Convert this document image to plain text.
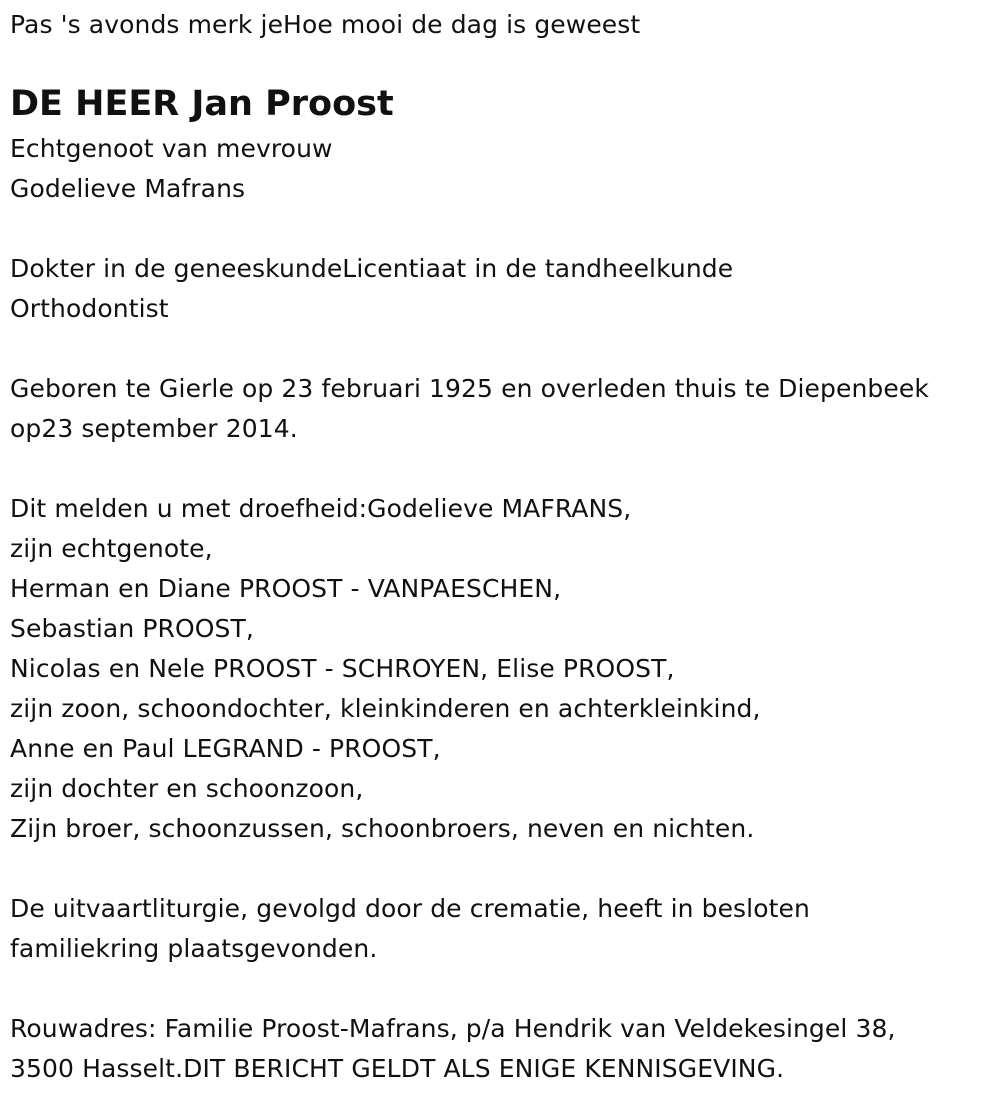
Pas 's avonds merk jeHoe mooi de dag is geweest
DE HEER Jan Proost
Echtgenoot van mevrouw
Godelieve Mafrans
Dokter in de geneeskundeLicentiaat in de tandheelkunde
Orthodontist
Geboren te Gierle op 23 februari 1925 en overleden thuis te Diepenbeek
op23 september 2014.
Dit melden u met droefheid:Godelieve MAFRANS,
zijn echtgenote,
Herman en Diane PROOST - VANPAESCHEN,
Sebastian PROOST,
Nicolas en Nele PROOST - SCHROYEN, Elise PROOST,
zijn zoon, schoondochter, kleinkinderen en achterkleinkind,
Anne en Paul LEGRAND - PROOST,
zijn dochter en schoonzoon,
Zijn broer, schoonzussen, schoonbroers, neven en nichten.
De uitvaartliturgie, gevolgd door de crematie, heeft in besloten
familiekring plaatsgevonden.
Rouwadres: Familie Proost-Mafrans, p/a Hendrik van Veldekesingel 38,
3500 Hasselt.DIT BERICHT GELDT ALS ENIGE KENNISGEVING.
